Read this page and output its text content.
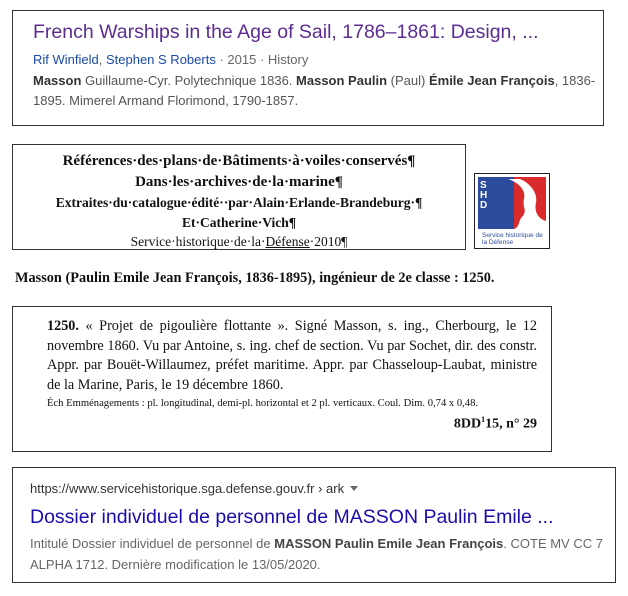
French Warships in the Age of Sail, 1786–1861: Design, ...
Rif Winfield, Stephen S Roberts · 2015 · History
Masson Guillaume-Cyr. Polytechnique 1836. Masson Paulin (Paul) Émile Jean François, 1836-1895. Mimerel Armand Florimond, 1790-1857.
Références·des·plans·de·Bâtiments·à·voiles·conservés¶
Dans·les·archives·de·la·marine¶
Extraites·du·catalogue·édité··par·Alain·Erlande-Brandeburg·¶
Et·Catherine·Vich¶
Service·historique·de·la·Défense·2010¶
SHD
Service historique de la Défense
Masson (Paulin Emile Jean François, 1836-1895), ingénieur de 2e classe : 1250.
1250. « Projet de pigoulière flottante ». Signé Masson, s. ing., Cherbourg, le 12 novembre 1860. Vu par Antoine, s. ing. chef de section. Vu par Sochet, dir. des constr. Appr. par Bouët-Willaumez, préfet maritime. Appr. par Chasseloup-Laubat, ministre de la Marine, Paris, le 19 décembre 1860.
Éch Emménagements : pl. longitudinal, demi-pl. horizontal et 2 pl. verticaux. Coul. Dim. 0,74 x 0,48.
$8DD^115$, n° 29
https://www.servicehistorique.sga.defense.gouv.fr › ark
Dossier individuel de personnel de MASSON Paulin Emile ...
Intitulé Dossier individuel de personnel de MASSON Paulin Emile Jean François. COTE MV CC 7 ALPHA 1712. Dernière modification le 13/05/2020.
